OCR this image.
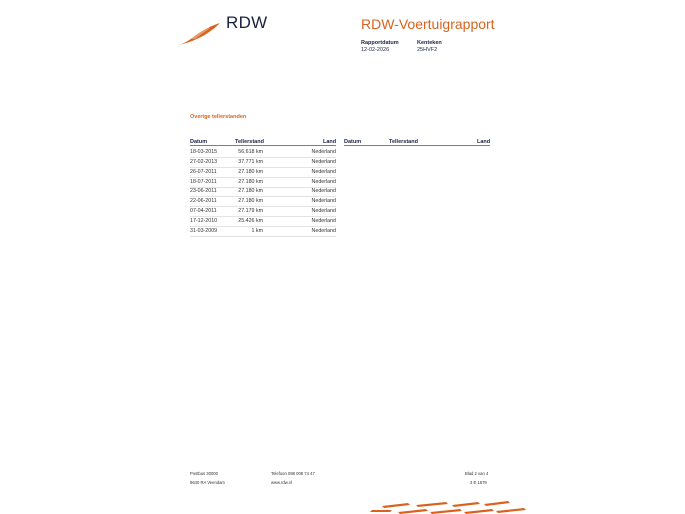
RDW	RDW-Voertuigrapport
Rapportdatum
12-02-2026
Kenteken
25HVF2
Overige tellerstanden
Datum	Tellerstand	Land Datum	Tellerstand	Land
18-03-2015	56.618 km	Nederland
27-02-2013	37.771 km	Nederland
26-07-2011	27.180 km	Nederland
18-07-2011	27.180 km	Nederland
23-06-2011	27.180 km	Nederland
22-06-2011	27.180 km	Nederland
07-04-2011	27.179 km	Nederland
17-12-2010	25.426 km	Nederland
31-03-2009	1 km	Nederland
Postbus 30000
9640 RA Veendam
Telefoon 088 008 74 47
www.rdw.nl
Blad 2 van 4
3 E 1679
